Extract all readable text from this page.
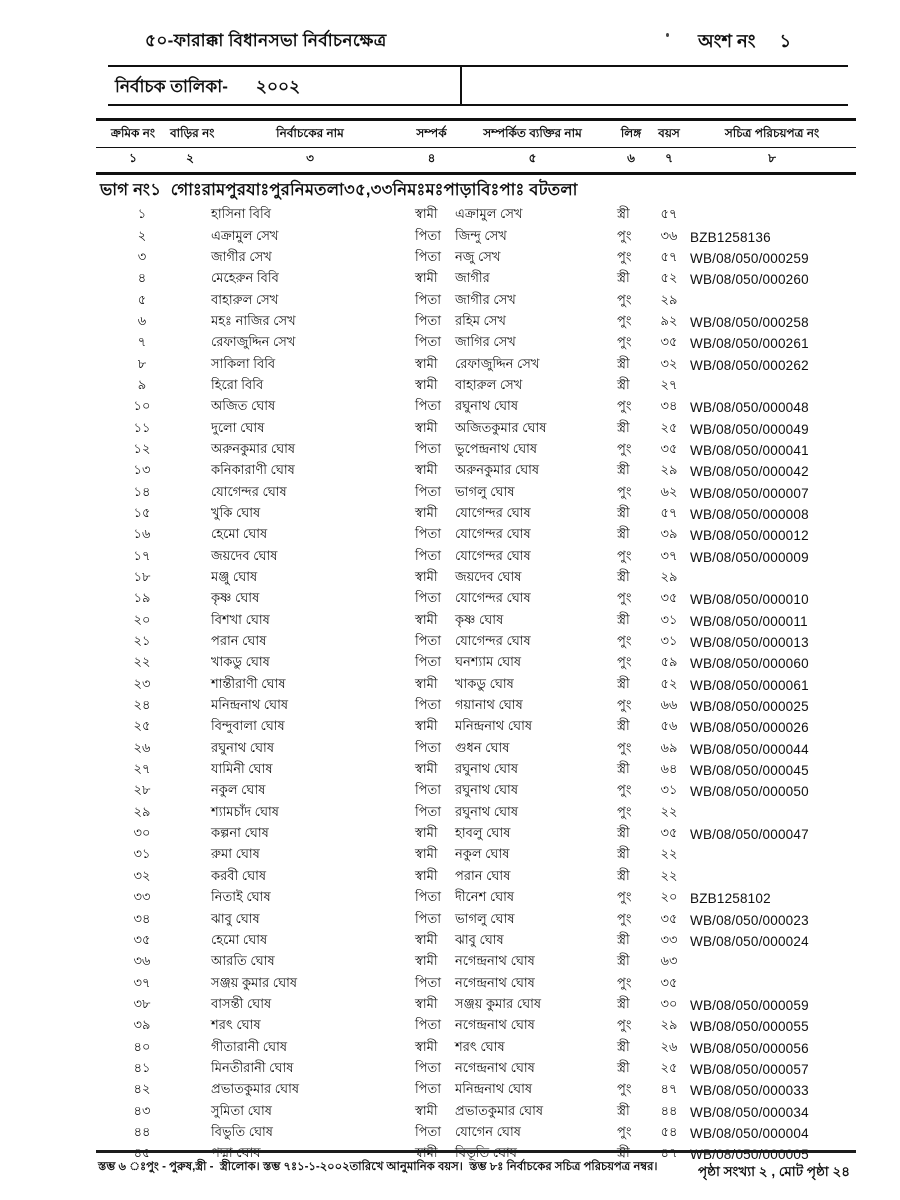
৫০-ফারাক্কা বিধানসভা নির্বাচনক্ষেত্র	অংশ নং ১
নির্বাচক তালিকা- ২০০২
ক্রমিক নং	বাড়ির নং	নির্বাচকের নাম	সম্পর্ক	সম্পর্কিত ব্যক্তির নাম	লিঙ্গ	বয়স	সচিত্র পরিচয়পত্র নং
১	২	৩	৪	৫	৬	৭	৮
ভাগ নং১  গোঃরামপুরযাঃপুরনিমতলা৩৫,৩৩নিমঃমঃপাড়াবিঃপাঃ বটতলা
১	হাসিনা বিবি	স্বামী	এক্রামুল সেখ	স্ত্রী	৫৭
২	এক্রামুল সেখ	পিতা	জিন্দু সেখ	পুং	৩৬ BZB1258136
৩	জাগীর সেখ	পিতা	নজু সেখ	পুং	৫৭ WB/08/050/000259
৪	মেহেরুন বিবি	স্বামী	জাগীর	স্ত্রী	৫২ WB/08/050/000260
৫	বাহারুল সেখ	পিতা	জাগীর সেখ	পুং	২৯
৬	মহঃ নাজির সেখ	পিতা	রহিম সেখ	পুং	৯২ WB/08/050/000258
৭	রেফাজুদ্দিন সেখ	পিতা	জাগির সেখ	পুং	৩৫ WB/08/050/000261
৮	সাকিলা বিবি	স্বামী	রেফাজুদ্দিন সেখ	স্ত্রী	৩২ WB/08/050/000262
৯	হিরো বিবি	স্বামী	বাহারুল সেখ	স্ত্রী	২৭
১০	অজিত ঘোষ	পিতা	রঘুনাথ ঘোষ	পুং	৩৪ WB/08/050/000048
১১	দুলো ঘোষ	স্বামী	অজিতকুমার ঘোষ	স্ত্রী	২৫ WB/08/050/000049
১২	অরুনকুমার ঘোষ	পিতা	ভুপেন্দ্রনাথ ঘোষ	পুং	৩৫ WB/08/050/000041
১৩	কনিকারাণী ঘোষ	স্বামী	অরুনকুমার ঘোষ	স্ত্রী	২৯ WB/08/050/000042
১৪	যোগেন্দর ঘোষ	পিতা	ভাগলু ঘোষ	পুং	৬২ WB/08/050/000007
১৫	খুকি ঘোষ	স্বামী	যোগেন্দর ঘোষ	স্ত্রী	৫৭ WB/08/050/000008
১৬	হেমো ঘোষ	পিতা	যোগেন্দর ঘোষ	স্ত্রী	৩৯ WB/08/050/000012
১৭	জয়দেব ঘোষ	পিতা	যোগেন্দর ঘোষ	পুং	৩৭ WB/08/050/000009
১৮	মঞ্জু ঘোষ	স্বামী	জয়দেব ঘোষ	স্ত্রী	২৯
১৯	কৃষ্ণ ঘোষ	পিতা	যোগেন্দর ঘোষ	পুং	৩৫ WB/08/050/000010
২০	বিশখা ঘোষ	স্বামী	কৃষ্ণ ঘোষ	স্ত্রী	৩১ WB/08/050/000011
২১	পরান ঘোষ	পিতা	যোগেন্দর ঘোষ	পুং	৩১ WB/08/050/000013
২২	খাকডু ঘোষ	পিতা	ঘনশ্যাম ঘোষ	পুং	৫৯ WB/08/050/000060
২৩	শান্তীরাণী ঘোষ	স্বামী	খাকডু ঘোষ	স্ত্রী	৫২ WB/08/050/000061
২৪	মনিন্দ্রনাথ ঘোষ	পিতা	গয়ানাথ ঘোষ	পুং	৬৬ WB/08/050/000025
২৫	বিন্দুবালা ঘোষ	স্বামী	মনিন্দ্রনাথ ঘোষ	স্ত্রী	৫৬ WB/08/050/000026
২৬	রঘুনাথ ঘোষ	পিতা	গুধন ঘোষ	পুং	৬৯ WB/08/050/000044
২৭	যামিনী ঘোষ	স্বামী	রঘুনাথ ঘোষ	স্ত্রী	৬৪ WB/08/050/000045
২৮	নকুল ঘোষ	পিতা	রঘুনাথ ঘোষ	পুং	৩১ WB/08/050/000050
২৯	শ্যামচাঁদ ঘোষ	পিতা	রঘুনাথ ঘোষ	পুং	২২
৩০	কল্পনা ঘোষ	স্বামী	হাবলু ঘোষ	স্ত্রী	৩৫ WB/08/050/000047
৩১	রুমা ঘোষ	স্বামী	নকুল ঘোষ	স্ত্রী	২২
৩২	করবী ঘোষ	স্বামী	পরান ঘোষ	স্ত্রী	২২
৩৩	নিতাই ঘোষ	পিতা	দীনেশ ঘোষ	পুং	২০ BZB1258102
৩৪	ঝাবু ঘোষ	পিতা	ভাগলু ঘোষ	পুং	৩৫ WB/08/050/000023
৩৫	হেমো ঘোষ	স্বামী	ঝাবু ঘোষ	স্ত্রী	৩৩ WB/08/050/000024
৩৬	আরতি ঘোষ	স্বামী	নগেন্দ্রনাথ ঘোষ	স্ত্রী	৬৩
৩৭	সঞ্জয় কুমার ঘোষ	পিতা	নগেন্দ্রনাথ ঘোষ	পুং	৩৫
৩৮	বাসন্তী ঘোষ	স্বামী	সঞ্জয় কুমার ঘোষ	স্ত্রী	৩০ WB/08/050/000059
৩৯	শরৎ ঘোষ	পিতা	নগেন্দ্রনাথ ঘোষ	পুং	২৯ WB/08/050/000055
৪০	গীতারানী ঘোষ	স্বামী	শরৎ ঘোষ	স্ত্রী	২৬ WB/08/050/000056
৪১	মিনতীরানী ঘোষ	পিতা	নগেন্দ্রনাথ ঘোষ	স্ত্রী	২৫ WB/08/050/000057
৪২	প্রভাতকুমার ঘোষ	পিতা	মনিন্দ্রনাথ ঘোষ	পুং	৪৭ WB/08/050/000033
৪৩	সুমিতা ঘোষ	স্বামী	প্রভাতকুমার ঘোষ	স্ত্রী	৪৪ WB/08/050/000034
৪৪	বিভুতি ঘোষ	পিতা	যোগেন ঘোষ	পুং	৫৪ WB/08/050/000004
৪৫	পদ্মা ঘোষ	স্বামী	বিভূতি ঘোষ	স্ত্রী	৪৭ WB/08/050/000005
স্তম্ভ ৬ ঃপুং - পুরুষ,স্ত্রী -  স্ত্রীলোক। স্তম্ভ ৭ঃ১-১-২০০২তারিখে আনুমানিক বয়স।  স্তম্ভ ৮ঃ নির্বাচকের সচিত্র পরিচয়পত্র নম্বর।	পৃষ্ঠা সংখ্যা ২ , মোট পৃষ্ঠা ২৪
